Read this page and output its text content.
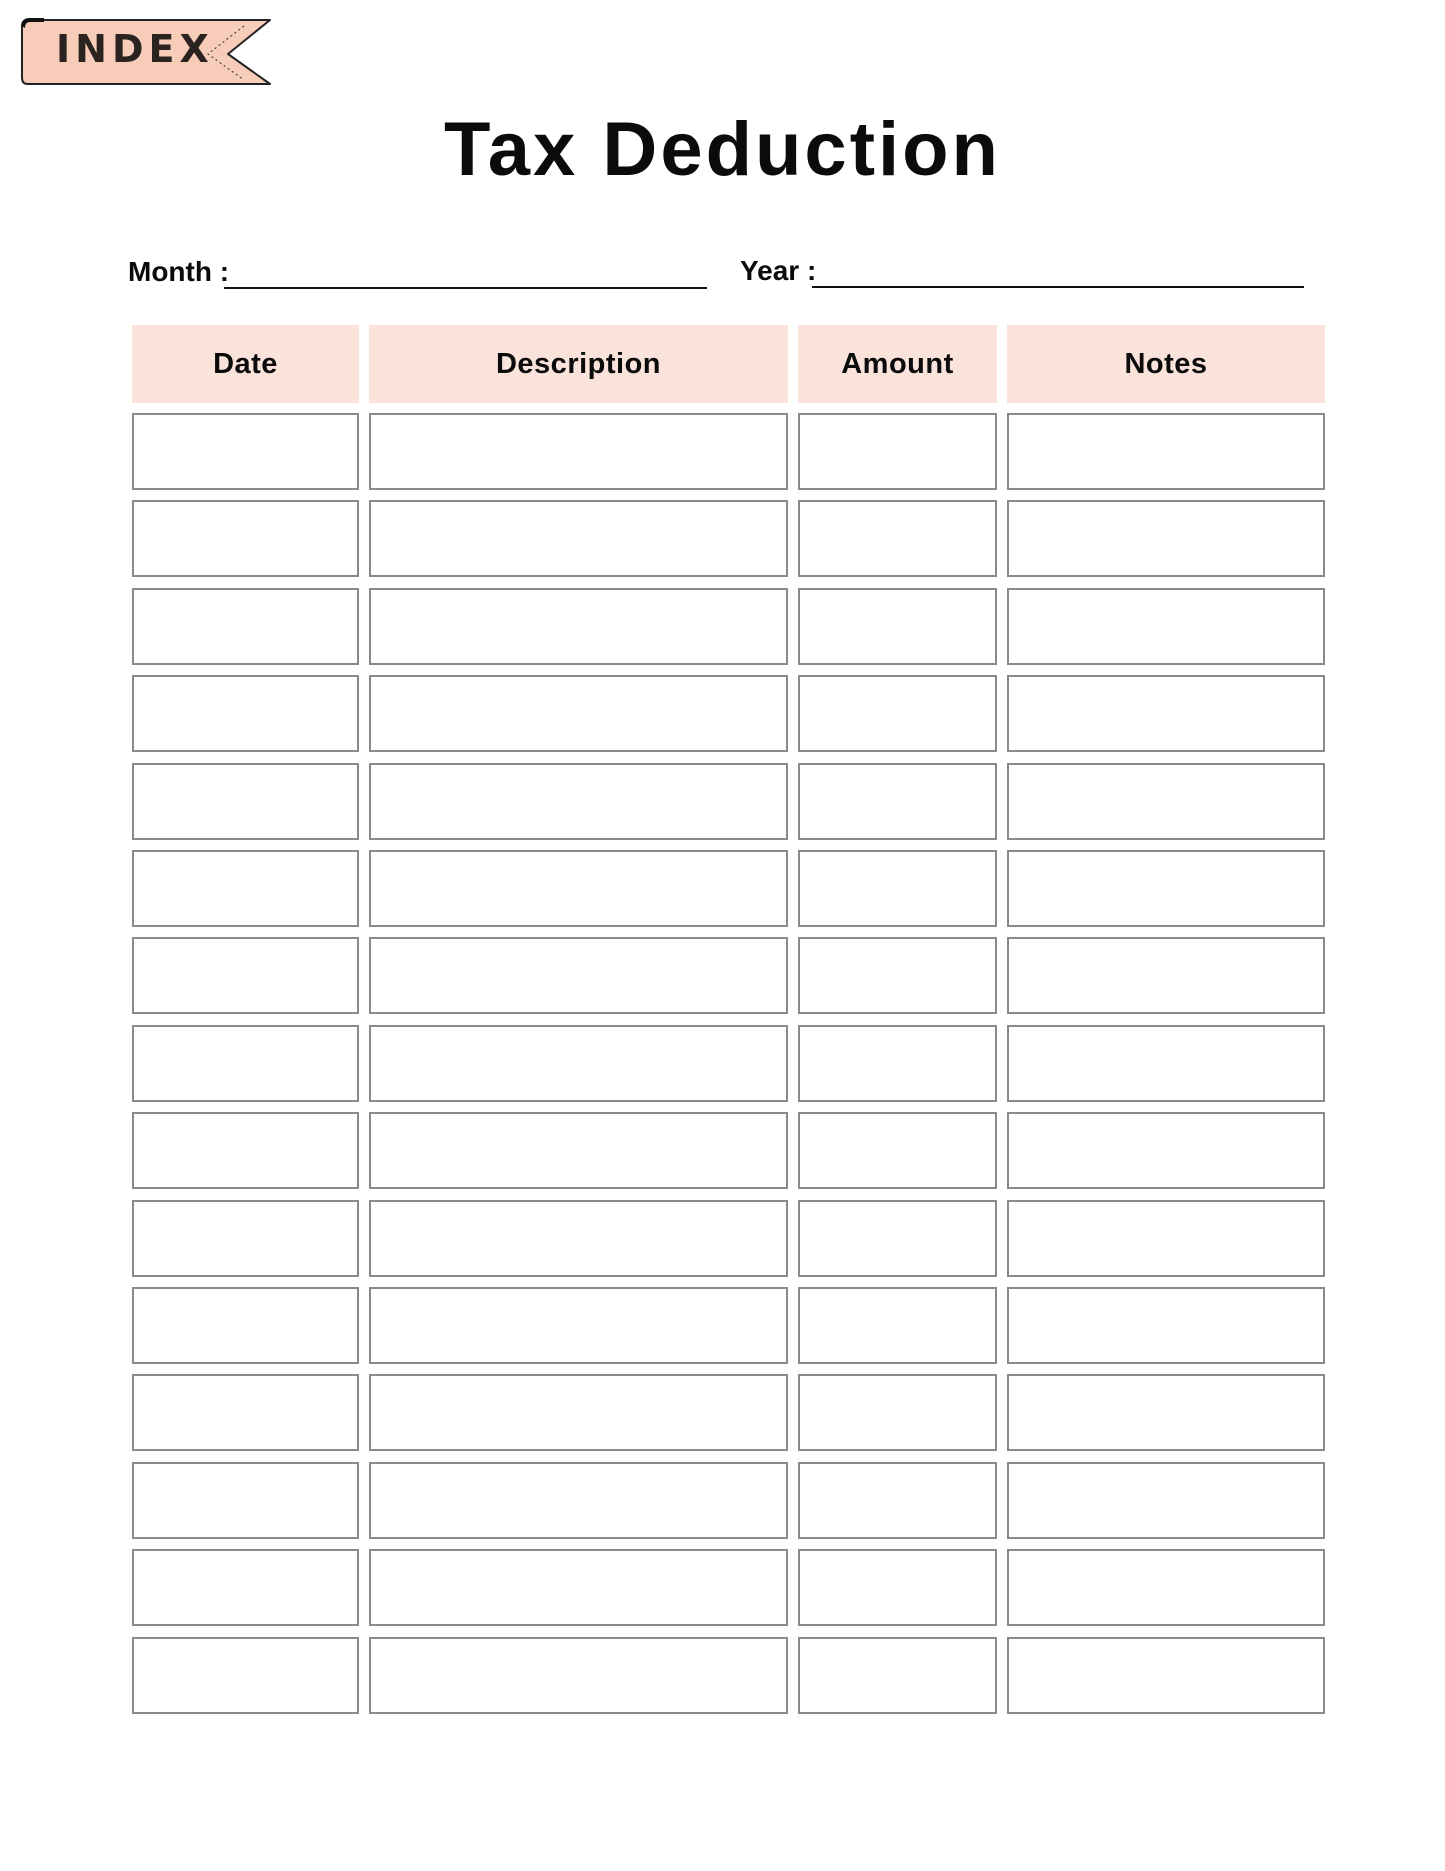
INDEX
Tax Deduction
Month :	Year :
Date	Description	Amount	Notes
